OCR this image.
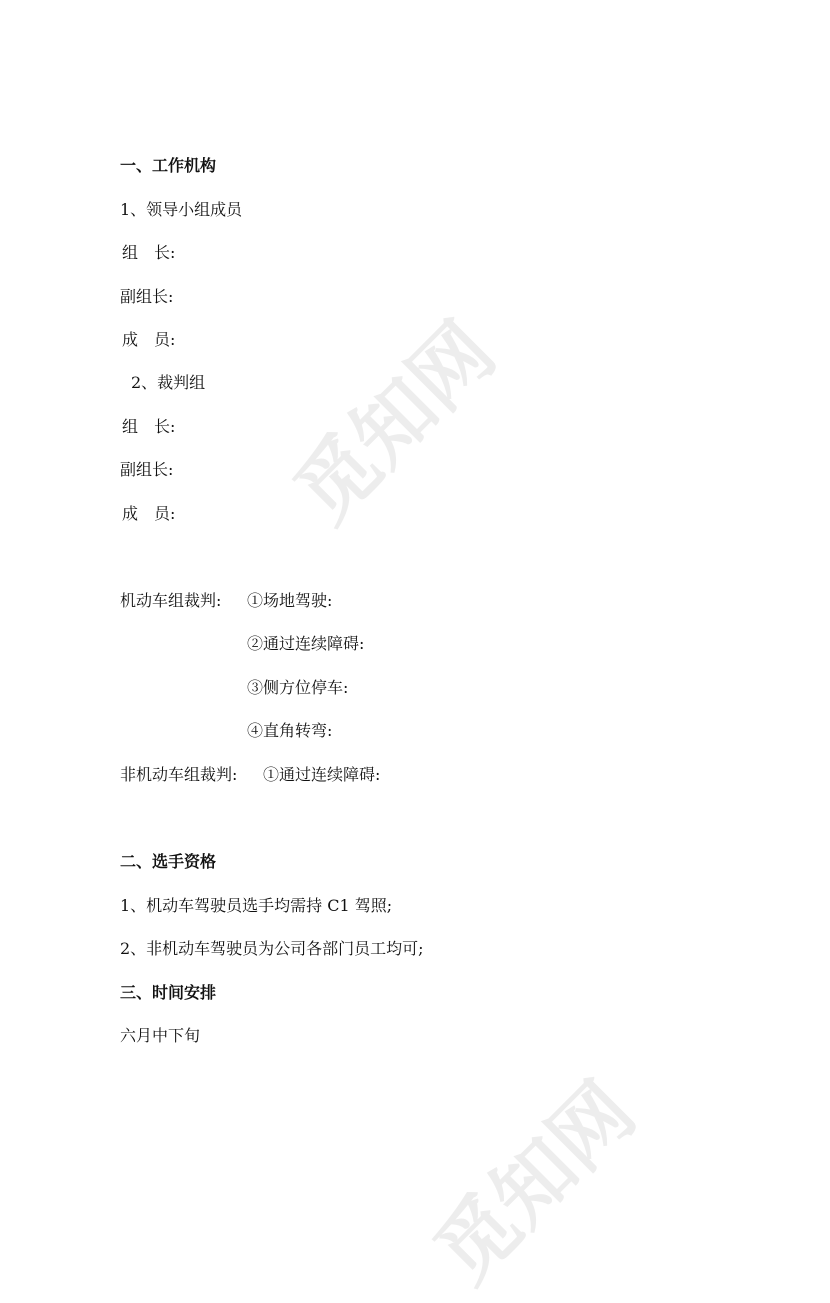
觅知网
觅知网
一、工作机构
1、领导小组成员
组　长:
副组长:
成　员:
2、裁判组
组　长:
副组长:
成　员:
机动车组裁判: ①场地驾驶:
②通过连续障碍:
③侧方位停车:
④直角转弯:
非机动车组裁判: ①通过连续障碍:
二、选手资格
1、机动车驾驶员选手均需持 C1 驾照;
2、非机动车驾驶员为公司各部门员工均可;
三、时间安排
六月中下旬
